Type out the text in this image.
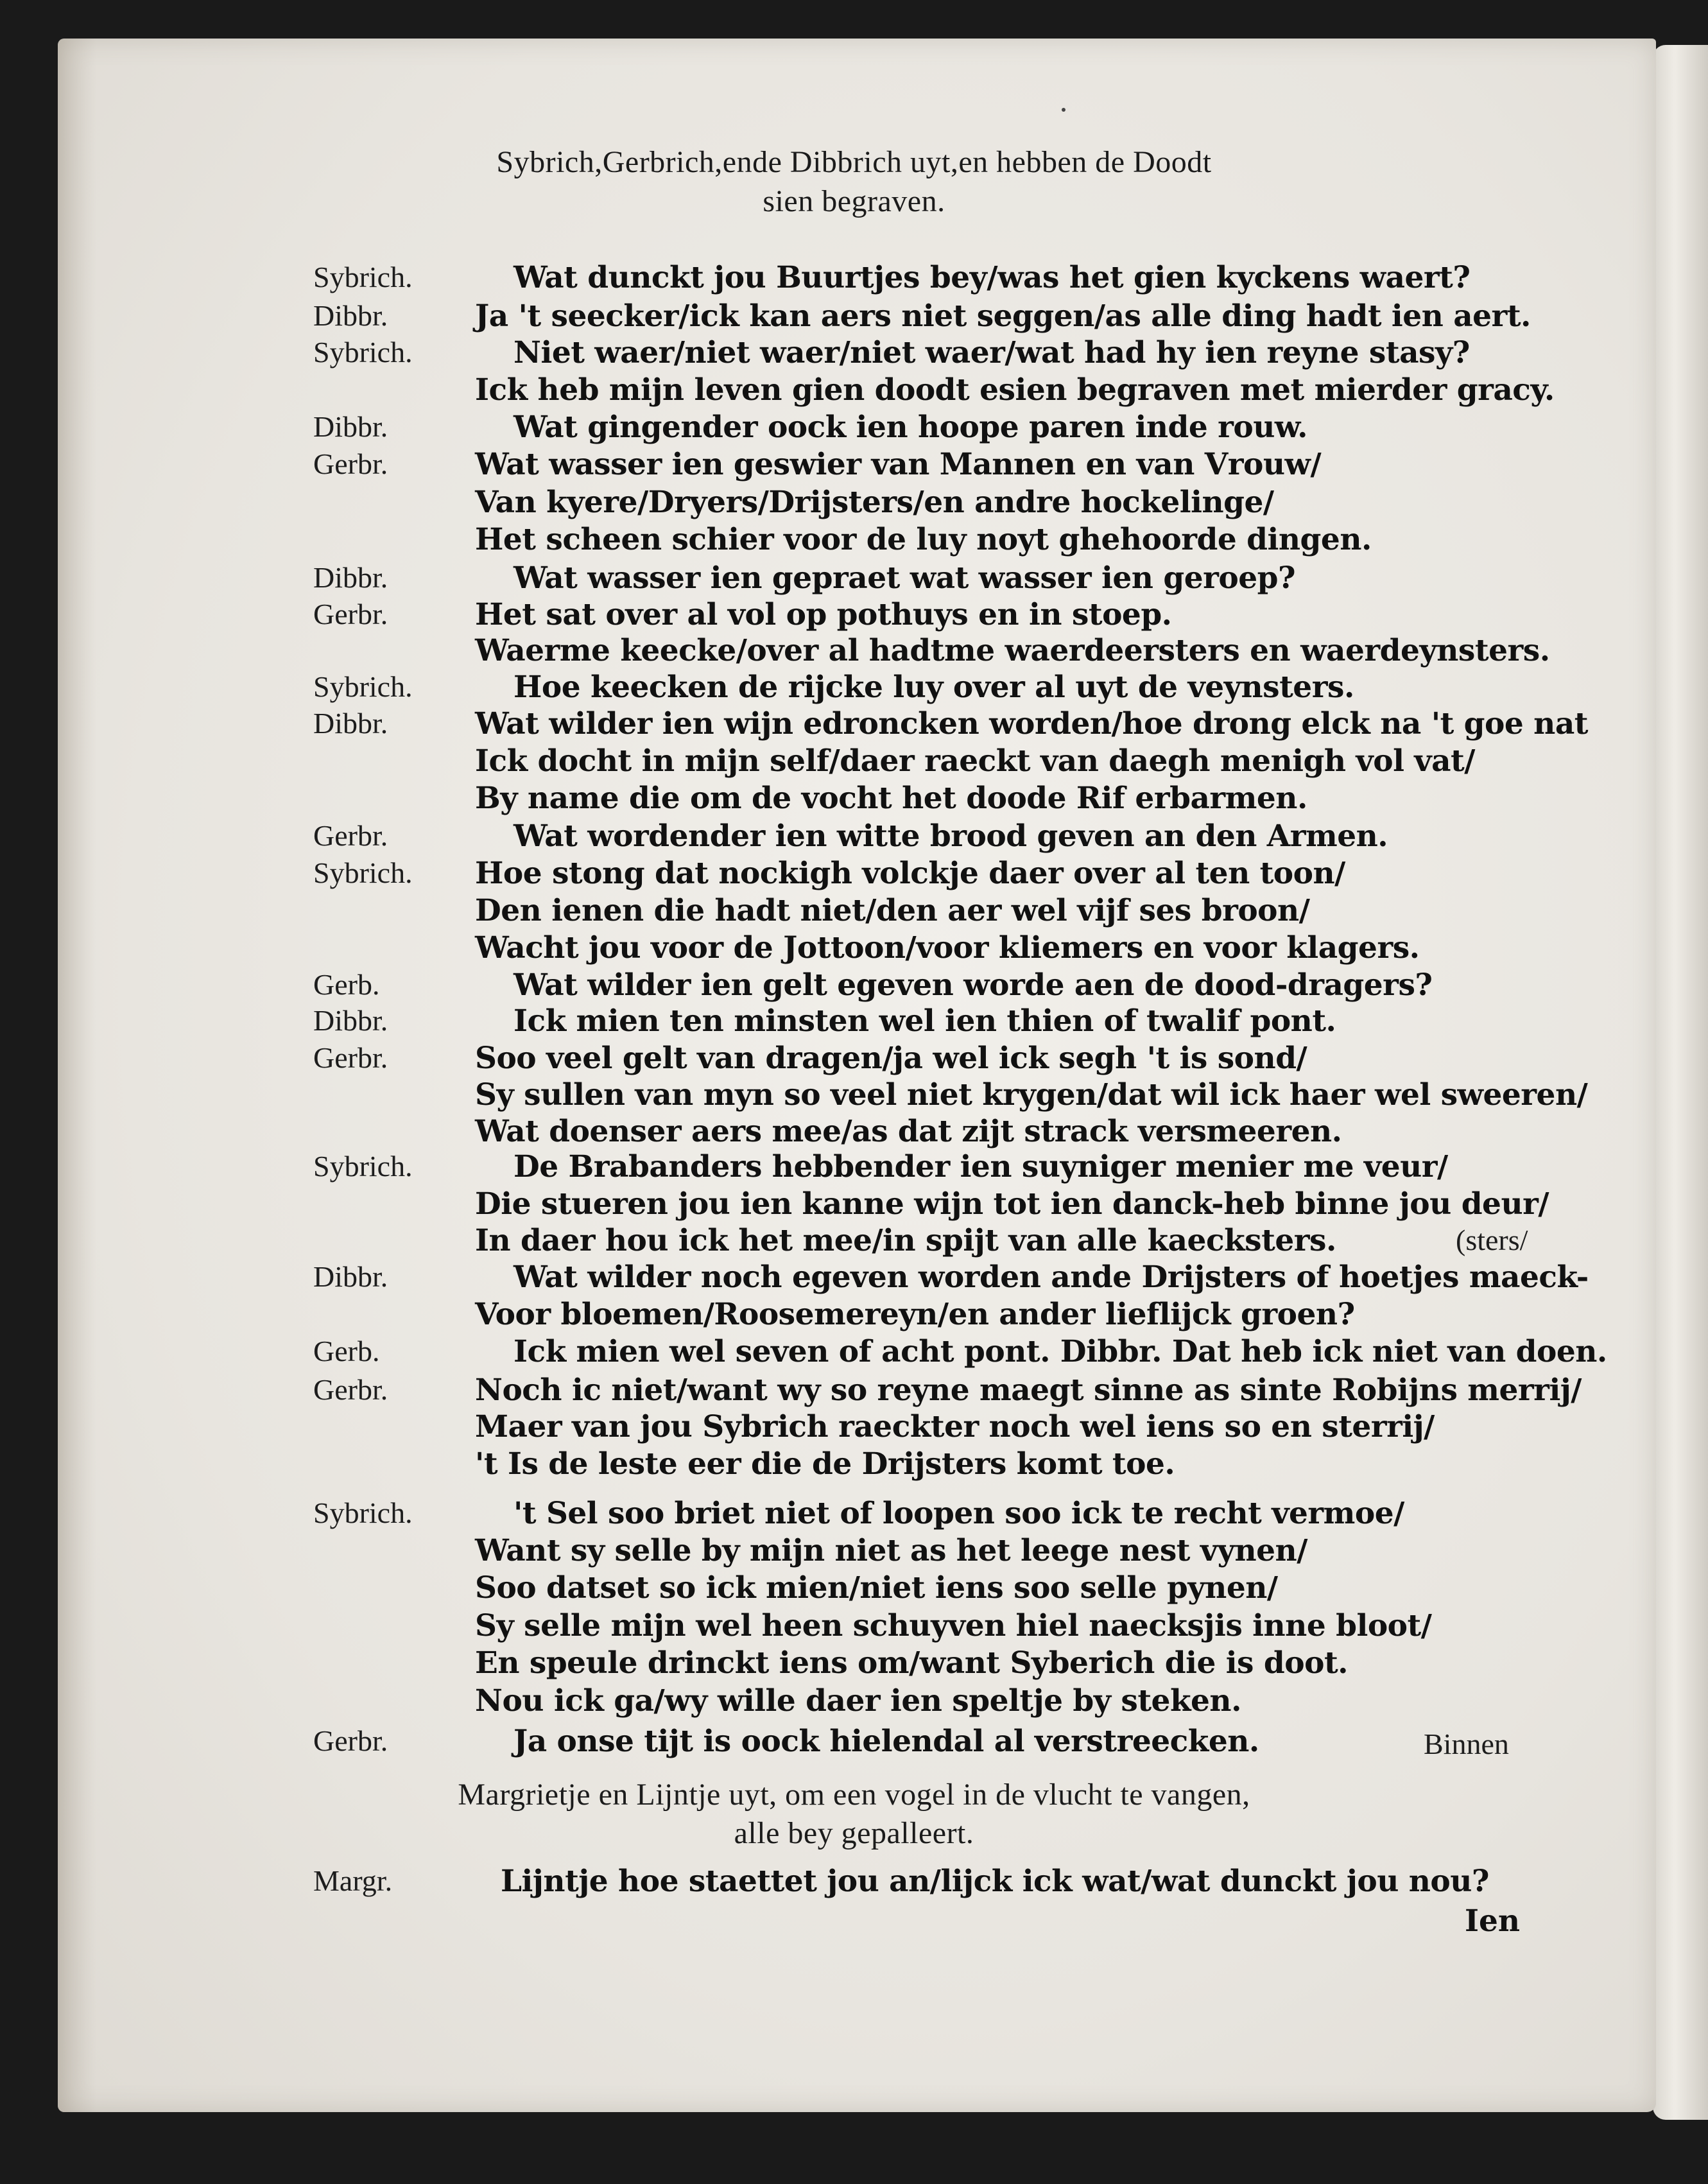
Sybrich,Gerbrich,ende Dibbrich uyt,en hebben de Doodt
sien begraven.
Sybrich.
Dibbr.
Sybrich.
Dibbr.
Gerbr.
Dibbr.
Gerbr.
Sybrich.
Dibbr.
Gerbr.
Sybrich.
Gerb.
Dibbr.
Gerbr.
Sybrich.
Dibbr.
Gerb.
Gerbr.
Sybrich.
Gerbr.
Margr.
Wat dunckt jou Buurtjes bey/was het gien kyckens waert?
Ja 't seecker/ick kan aers niet seggen/as alle ding hadt ien aert.
Niet waer/niet waer/niet waer/wat had hy ien reyne stasy?
Ick heb mijn leven gien doodt esien begraven met mierder gracy.
Wat gingender oock ien hoope paren inde rouw.
Wat wasser ien geswier van Mannen en van Vrouw/
Van kyere/Dryers/Drijsters/en andre hockelinge/
Het scheen schier voor de luy noyt ghehoorde dingen.
Wat wasser ien gepraet wat wasser ien geroep?
Het sat over al vol op pothuys en in stoep.
Waerme keecke/over al hadtme waerdeersters en waerdeynsters.
Hoe keecken de rijcke luy over al uyt de veynsters.
Wat wilder ien wijn edroncken worden/hoe drong elck na 't goe nat
Ick docht in mijn self/daer raeckt van daegh menigh vol vat/
By name die om de vocht het doode Rif erbarmen.
Wat wordender ien witte brood geven an den Armen.
Hoe stong dat nockigh volckje daer over al ten toon/
Den ienen die hadt niet/den aer wel vijf ses broon/
Wacht jou voor de Jottoon/voor kliemers en voor klagers.
Wat wilder ien gelt egeven worde aen de dood-dragers?
Ick mien ten minsten wel ien thien of twalif pont.
Soo veel gelt van dragen/ja wel ick segh 't is sond/
Sy sullen van myn so veel niet krygen/dat wil ick haer wel sweeren/
Wat doenser aers mee/as dat zijt strack versmeeren.
De Brabanders hebbender ien suyniger menier me veur/
Die stueren jou ien kanne wijn tot ien danck-heb binne jou deur/
In daer hou ick het mee/in spijt van alle kaecksters.
Wat wilder noch egeven worden ande Drijsters of hoetjes maeck-
Voor bloemen/Roosemereyn/en ander lieflijck groen?
Ick mien wel seven of acht pont. Dibbr. Dat heb ick niet van doen.
Noch ic niet/want wy so reyne maegt sinne as sinte Robijns merrij/
Maer van jou Sybrich raeckter noch wel iens so en sterrij/
't Is de leste eer die de Drijsters komt toe.
't Sel soo briet niet of loopen soo ick te recht vermoe/
Want sy selle by mijn niet as het leege nest vynen/
Soo datset so ick mien/niet iens soo selle pynen/
Sy selle mijn wel heen schuyven hiel naecksjis inne bloot/
En speule drinckt iens om/want Syberich die is doot.
Nou ick ga/wy wille daer ien speltje by steken.
Ja onse tijt is oock hielendal al verstreecken.
(sters/
Binnen
Margrietje en Lijntje uyt, om een vogel in de vlucht te vangen,
alle bey gepalleert.
Lijntje hoe staettet jou an/lijck ick wat/wat dunckt jou nou?
Ien
